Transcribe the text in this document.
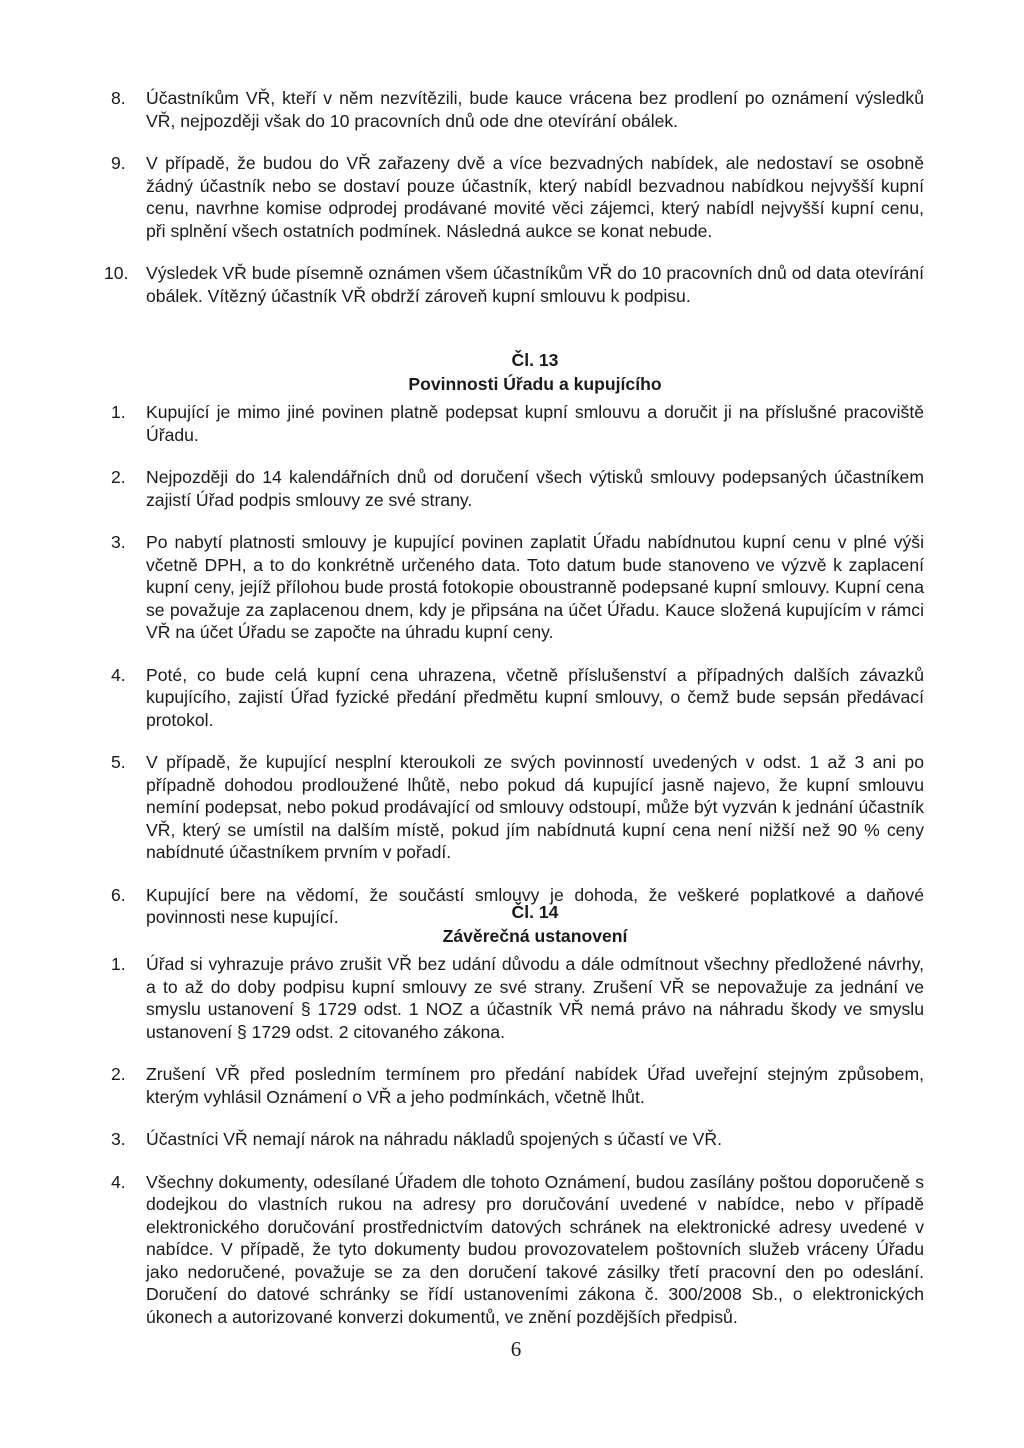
8. Účastníkům VŘ, kteří v něm nezvítězili, bude kauce vrácena bez prodlení po oznámení výsledků VŘ, nejpozději však do 10 pracovních dnů ode dne otevírání obálek.
9. V případě, že budou do VŘ zařazeny dvě a více bezvadných nabídek, ale nedostaví se osobně žádný účastník nebo se dostaví pouze účastník, který nabídl bezvadnou nabídkou nejvyšší kupní cenu, navrhne komise odprodej prodávané movité věci zájemci, který nabídl nejvyšší kupní cenu, při splnění všech ostatních podmínek. Následná aukce se konat nebude.
10. Výsledek VŘ bude písemně oznámen všem účastníkům VŘ do 10 pracovních dnů od data otevírání obálek. Vítězný účastník VŘ obdrží zároveň kupní smlouvu k podpisu.
Čl. 13
Povinnosti Úřadu a kupujícího
1. Kupující je mimo jiné povinen platně podepsat kupní smlouvu a doručit ji na příslušné pracoviště Úřadu.
2. Nejpozději do 14 kalendářních dnů od doručení všech výtisků smlouvy podepsaných účastníkem zajistí Úřad podpis smlouvy ze své strany.
3. Po nabytí platnosti smlouvy je kupující povinen zaplatit Úřadu nabídnutou kupní cenu v plné výši včetně DPH, a to do konkrétně určeného data. Toto datum bude stanoveno ve výzvě k zaplacení kupní ceny, jejíž přílohou bude prostá fotokopie oboustranně podepsané kupní smlouvy. Kupní cena se považuje za zaplacenou dnem, kdy je připsána na účet Úřadu. Kauce složená kupujícím v rámci VŘ na účet Úřadu se započte na úhradu kupní ceny.
4. Poté, co bude celá kupní cena uhrazena, včetně příslušenství a případných dalších závazků kupujícího, zajistí Úřad fyzické předání předmětu kupní smlouvy, o čemž bude sepsán předávací protokol.
5. V případě, že kupující nesplní kteroukoli ze svých povinností uvedených v odst. 1 až 3 ani po případně dohodou prodloužené lhůtě, nebo pokud dá kupující jasně najevo, že kupní smlouvu nemíní podepsat, nebo pokud prodávající od smlouvy odstoupí, může být vyzván k jednání účastník VŘ, který se umístil na dalším místě, pokud jím nabídnutá kupní cena není nižší než 90 % ceny nabídnuté účastníkem prvním v pořadí.
6. Kupující bere na vědomí, že součástí smlouvy je dohoda, že veškeré poplatkové a daňové povinnosti nese kupující.	Čl. 14
Závěrečná ustanovení
1. Úřad si vyhrazuje právo zrušit VŘ bez udání důvodu a dále odmítnout všechny předložené návrhy, a to až do doby podpisu kupní smlouvy ze své strany. Zrušení VŘ se nepovažuje za jednání ve smyslu ustanovení § 1729 odst. 1 NOZ a účastník VŘ nemá právo na náhradu škody ve smyslu ustanovení § 1729 odst. 2 citovaného zákona.
2. Zrušení VŘ před posledním termínem pro předání nabídek Úřad uveřejní stejným způsobem, kterým vyhlásil Oznámení o VŘ a jeho podmínkách, včetně lhůt.
3. Účastníci VŘ nemají nárok na náhradu nákladů spojených s účastí ve VŘ.
4. Všechny dokumenty, odesílané Úřadem dle tohoto Oznámení, budou zasílány poštou doporučeně s dodejkou do vlastních rukou na adresy pro doručování uvedené v nabídce, nebo v případě elektronického doručování prostřednictvím datových schránek na elektronické adresy uvedené v nabídce. V případě, že tyto dokumenty budou provozovatelem poštovních služeb vráceny Úřadu jako nedoručené, považuje se za den doručení takové zásilky třetí pracovní den po odeslání. Doručení do datové schránky se řídí ustanoveními zákona č. 300/2008 Sb., o elektronických úkonech a autorizované konverzi dokumentů, ve znění pozdějších předpisů.
6
